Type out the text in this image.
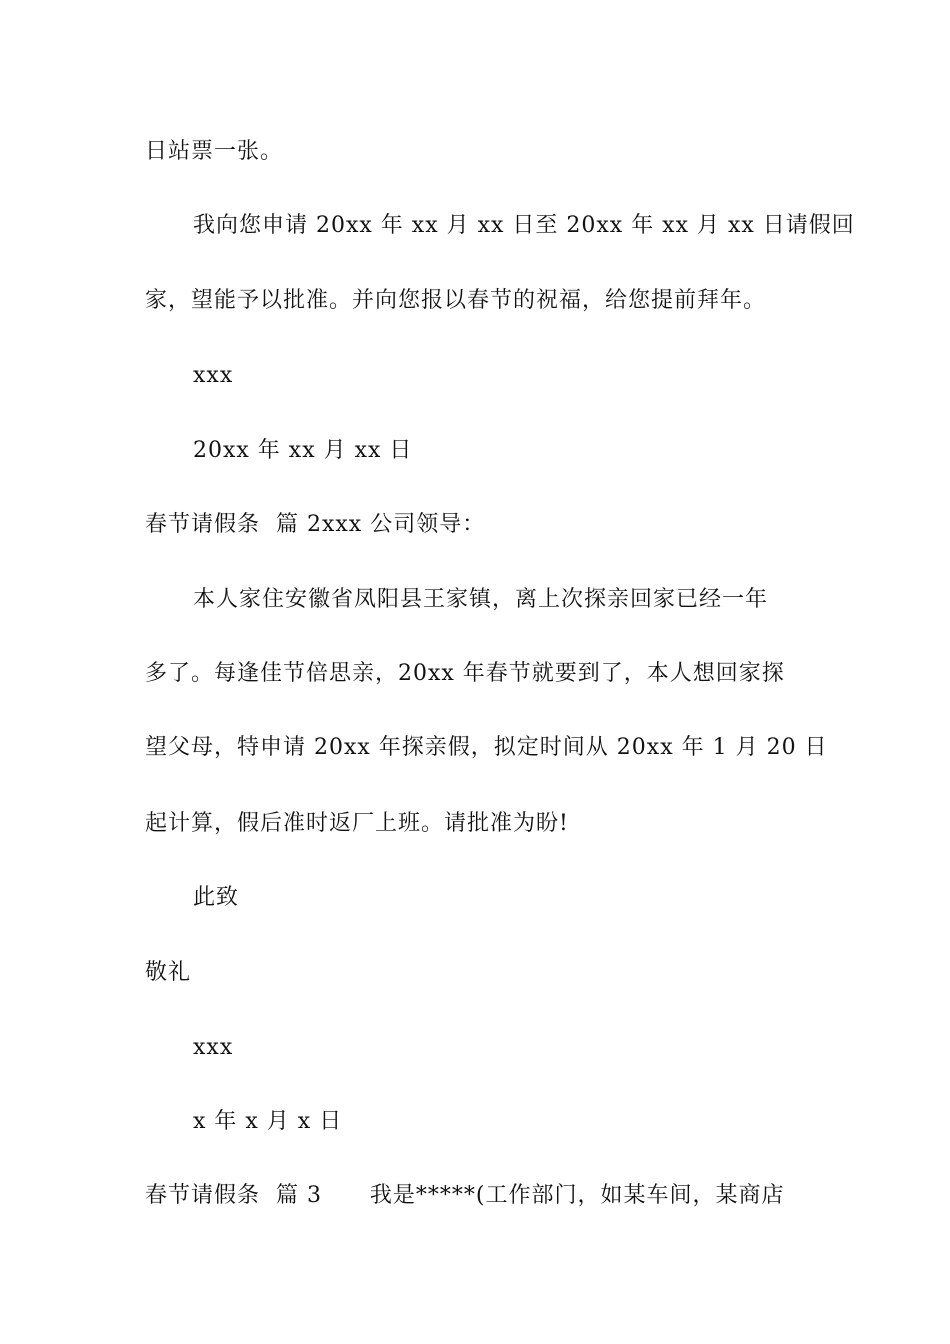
日站票一张。
我向您申请 20xx 年 xx 月 xx 日至 20xx 年 xx 月 xx 日请假回
家，望能予以批准。并向您报以春节的祝福，给您提前拜年。
xxx
20xx 年 xx 月 xx 日
春节请假条  篇 2xxx 公司领导：
本人家住安徽省凤阳县王家镇，离上次探亲回家已经一年
多了。每逢佳节倍思亲，20xx 年春节就要到了，本人想回家探
望父母，特申请 20xx 年探亲假，拟定时间从 20xx 年 1 月 20 日
起计算，假后准时返厂上班。请批准为盼!
此致
敬礼
xxx
x 年 x 月 x 日
春节请假条  篇 3      我是*****(工作部门，如某车间，某商店
